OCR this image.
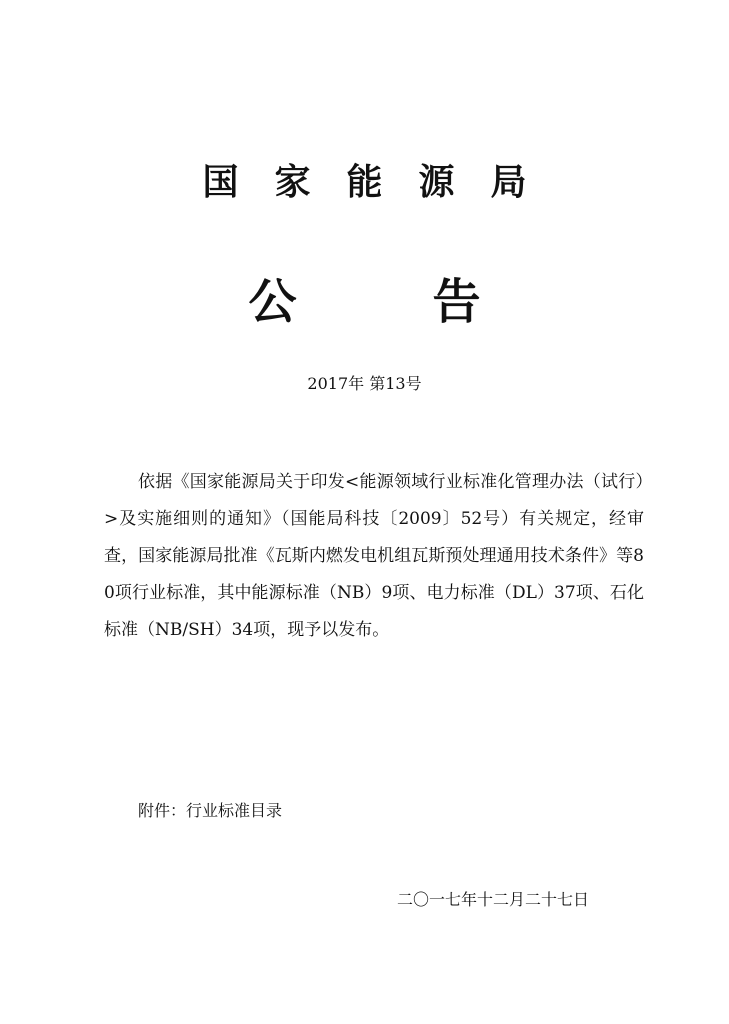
国 家 能 源 局
公	告
2017年 第13号
依据《国家能源局关于印发<能源领域行业标准化管理办法（试行）>及实施细则的通知》（国能局科技〔2009〕52号）有关规定，经审查，国家能源局批准《瓦斯内燃发电机组瓦斯预处理通用技术条件》等80项行业标准，其中能源标准（NB）9项、电力标准（DL）37项、石化标准（NB/SH）34项，现予以发布。
附件：行业标准目录
二〇一七年十二月二十七日
